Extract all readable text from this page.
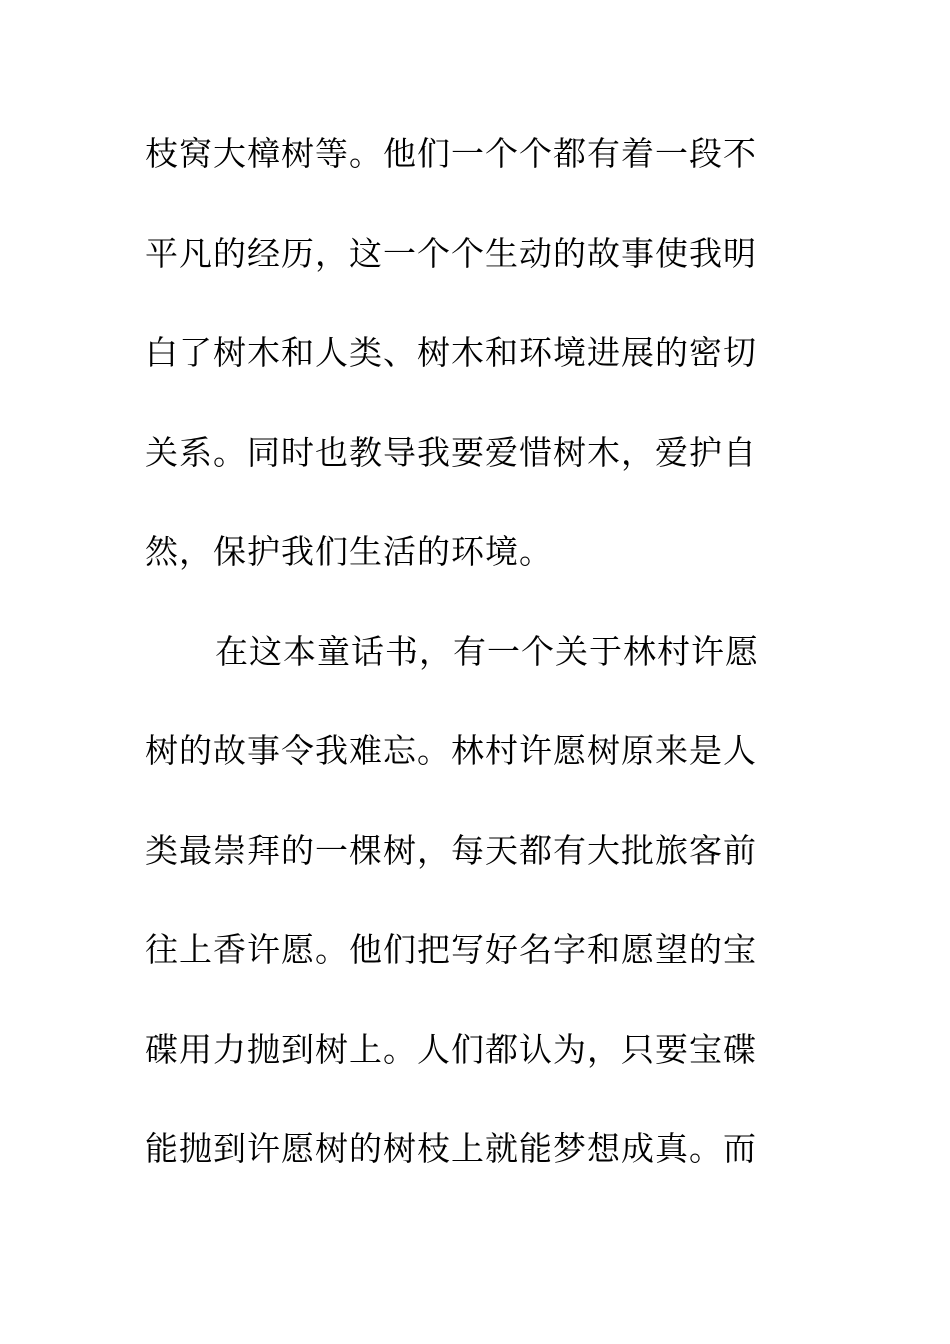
枝窝大樟树等。他们一个个都有着一段不
平凡的经历，这一个个生动的故事使我明
白了树木和人类、树木和环境进展的密切
关系。同时也教导我要爱惜树木，爱护自
然，保护我们生活的环境。
在这本童话书，有一个关于林村许愿
树的故事令我难忘。林村许愿树原来是人
类最崇拜的一棵树，每天都有大批旅客前
往上香许愿。他们把写好名字和愿望的宝
碟用力抛到树上。人们都认为，只要宝碟
能抛到许愿树的树枝上就能梦想成真。而
